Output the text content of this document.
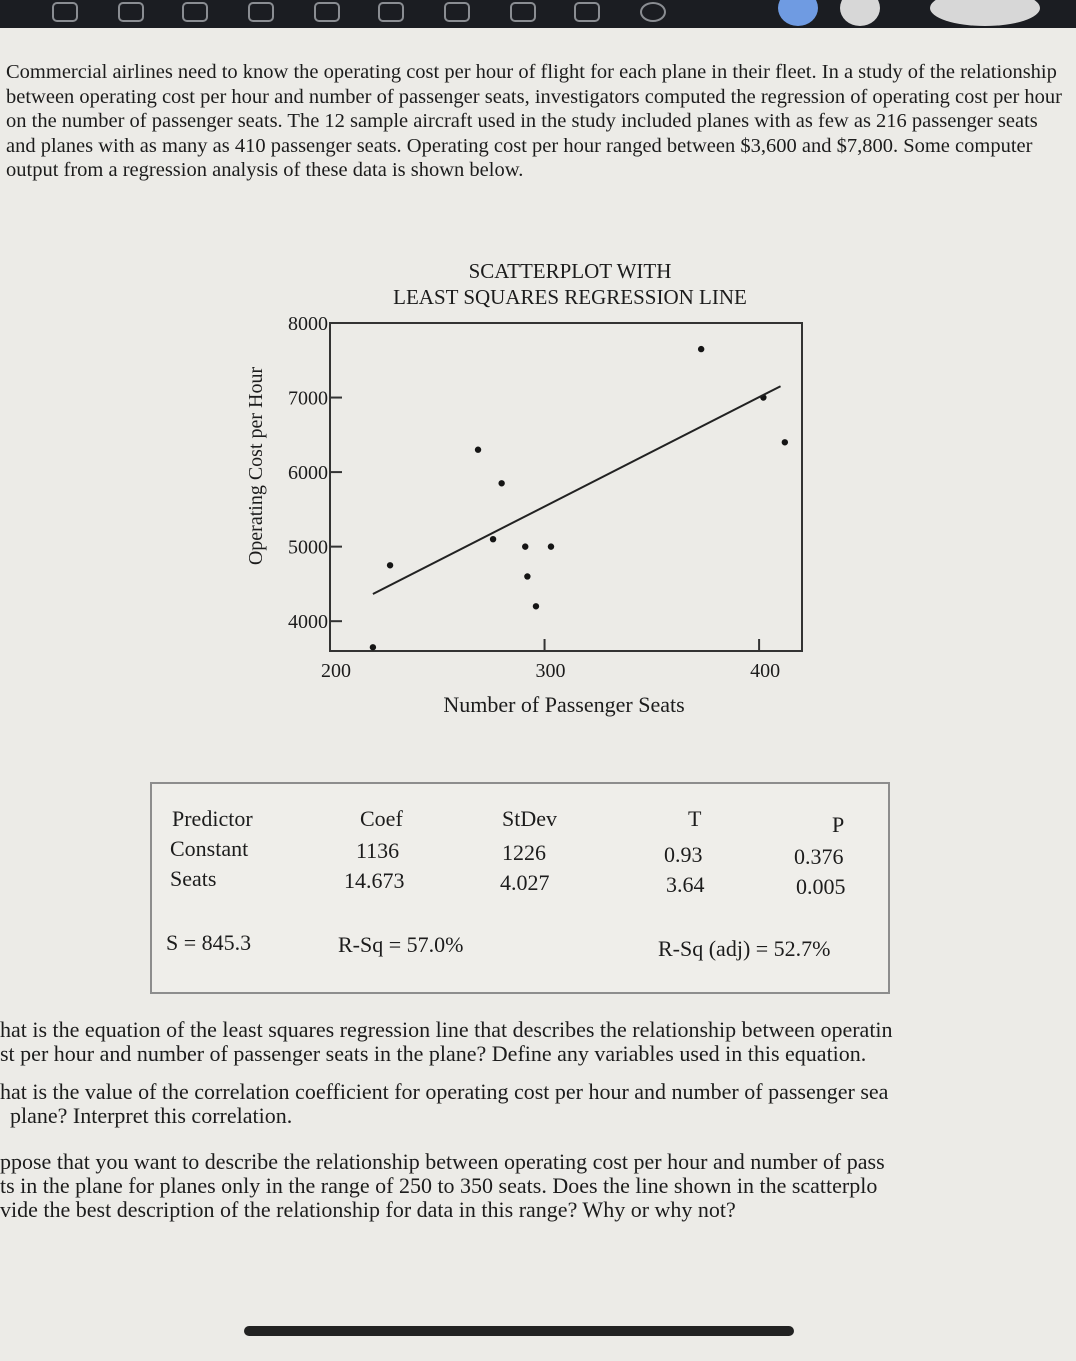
Commercial airlines need to know the operating cost per hour of flight for each plane in their fleet. In a study of the relationship between operating cost per hour and number of passenger seats, investigators computed the regression of operating cost per hour on the number of passenger seats. The 12 sample aircraft used in the study included planes with as few as 216 passenger seats and planes with as many as 410 passenger seats. Operating cost per hour ranged between $3,600 and $7,800. Some computer output from a regression analysis of these data is shown below.
SCATTERPLOT WITH
LEAST SQUARES REGRESSION LINE
4000
5000
6000
7000
8000
200	300	400
Number of Passenger Seats
Operating Cost per Hour
Predictor	Coef	StDev	T	P
Constant	1136	1226	0.93	0.376
Seats	14.673	4.027	3.64	0.005
S = 845.3	R-Sq = 57.0%	R-Sq (adj) = 52.7%

hat is the equation of the least squares regression line that describes the relationship between operatin

st per hour and number of passenger seats in the plane? Define any variables used in this equation.

hat is the value of the correlation coefficient for operating cost per hour and number of passenger sea

plane? Interpret this correlation.

ppose that you want to describe the relationship between operating cost per hour and number of pass

ts in the plane for planes only in the range of 250 to 350 seats. Does the line shown in the scatterplo

vide the best description of the relationship for data in this range? Why or why not?
